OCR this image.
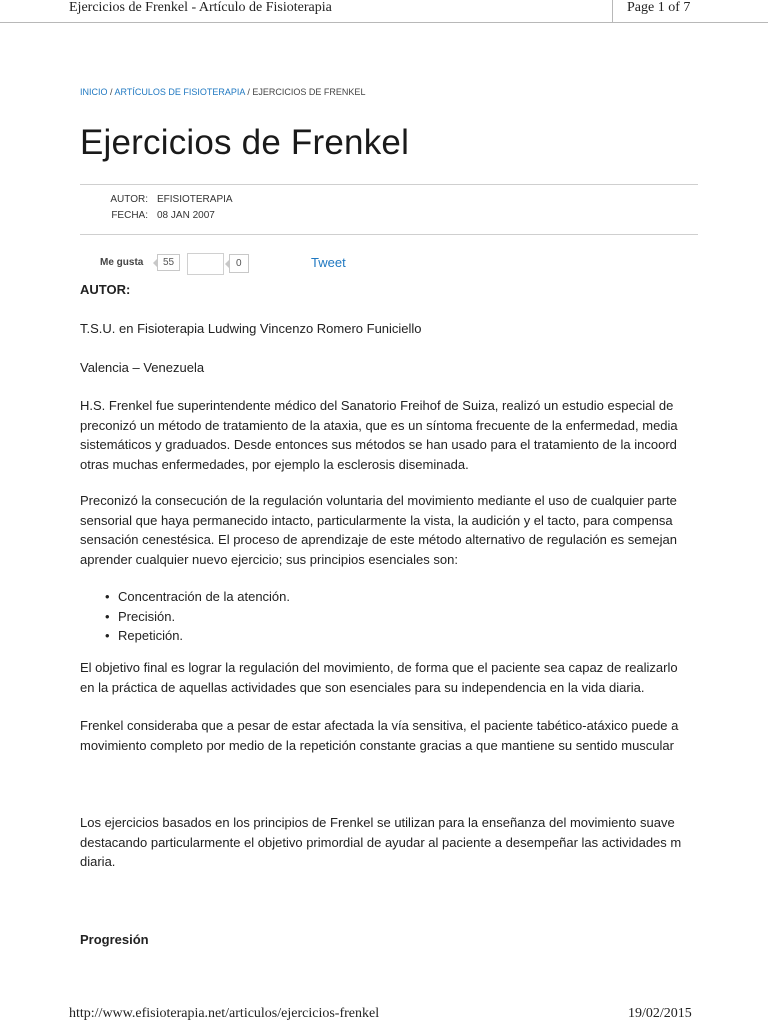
Ejercicios de Frenkel - Artículo de Fisioterapia	Page 1 of 7
INICIO / ARTÍCULOS DE FISIOTERAPIA / EJERCICIOS DE FRENKEL
Ejercicios de Frenkel
AUTOR: EFISIOTERAPIA
FECHA: 08 JAN 2007
Me gusta	55	0	Tweet
AUTOR:
T.S.U. en Fisioterapia Ludwing Vincenzo Romero Funiciello
Valencia – Venezuela
H.S. Frenkel fue superintendente médico del Sanatorio Freihof de Suiza, realizó un estudio especial de
preconizó un método de tratamiento de la ataxia, que es un síntoma frecuente de la enfermedad, media
sistemáticos y graduados. Desde entonces sus métodos se han usado para el tratamiento de la incoord
otras muchas enfermedades, por ejemplo la esclerosis diseminada.
Preconizó la consecución de la regulación voluntaria del movimiento mediante el uso de cualquier parte
sensorial que haya permanecido intacto, particularmente la vista, la audición y el tacto, para compensa
sensación cenestésica. El proceso de aprendizaje de este método alternativo de regulación es semejan
aprender cualquier nuevo ejercicio; sus principios esenciales son:
• Concentración de la atención.
• Precisión.
• Repetición.
El objetivo final es lograr la regulación del movimiento, de forma que el paciente sea capaz de realizarlo
en la práctica de aquellas actividades que son esenciales para su independencia en la vida diaria.
Frenkel consideraba que a pesar de estar afectada la vía sensitiva, el paciente tabético-atáxico puede a
movimiento completo por medio de la repetición constante gracias a que mantiene su sentido muscular
Los ejercicios basados en los principios de Frenkel se utilizan para la enseñanza del movimiento suave
destacando particularmente el objetivo primordial de ayudar al paciente a desempeñar las actividades m
diaria.
Progresión
http://www.efisioterapia.net/articulos/ejercicios-frenkel	19/02/2015
